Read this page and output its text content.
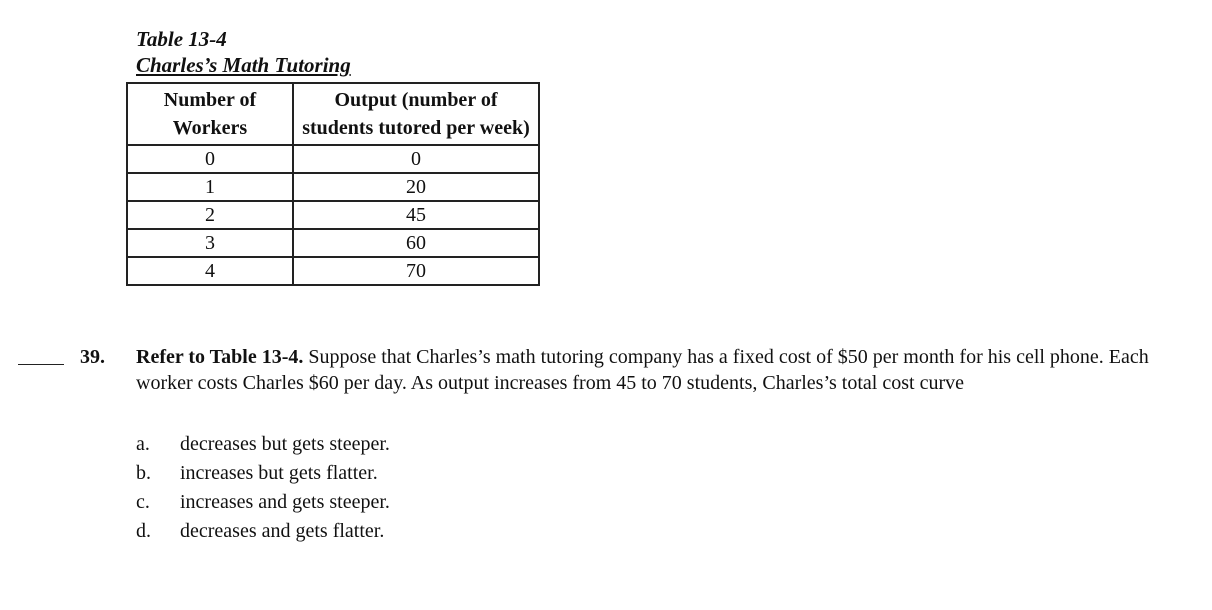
Table 13-4
Charles’s Math Tutoring
Number of Workers	Output (number of students tutored per week)
0	0
1	20
2	45
3	60
4	70
39. Refer to Table 13-4. Suppose that Charles’s math tutoring company has a fixed cost of $50 per month for his cell phone. Each worker costs Charles $60 per day. As output increases from 45 to 70 students, Charles’s total cost curve
a. decreases but gets steeper.
b. increases but gets flatter.
c. increases and gets steeper.
d. decreases and gets flatter.
